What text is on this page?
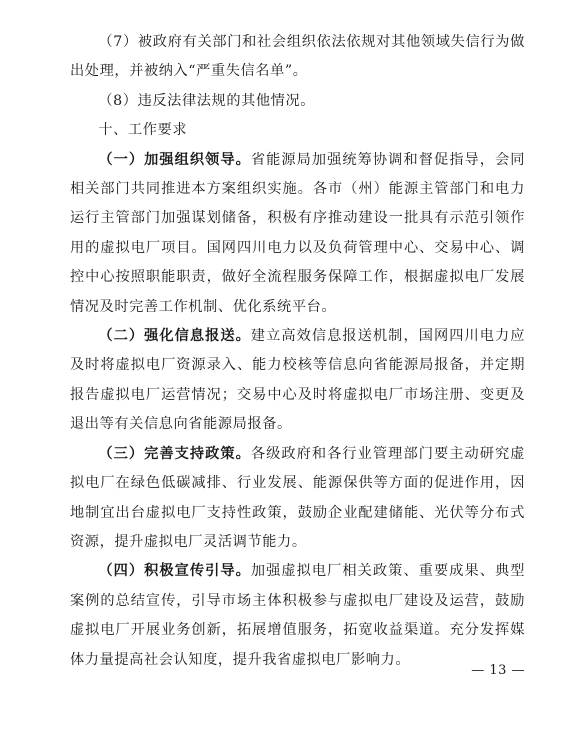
（7）被政府有关部门和社会组织依法依规对其他领域失信行为做出处理，并被纳入“严重失信名单”。

（8）违反法律法规的其他情况。

十、工作要求

（一）加强组织领导。省能源局加强统筹协调和督促指导，会同相关部门共同推进本方案组织实施。各市（州）能源主管部门和电力运行主管部门加强谋划储备，积极有序推动建设一批具有示范引领作用的虚拟电厂项目。国网四川电力以及负荷管理中心、交易中心、调控中心按照职能职责，做好全流程服务保障工作，根据虚拟电厂发展情况及时完善工作机制、优化系统平台。

（二）强化信息报送。建立高效信息报送机制，国网四川电力应及时将虚拟电厂资源录入、能力校核等信息向省能源局报备，并定期报告虚拟电厂运营情况；交易中心及时将虚拟电厂市场注册、变更及退出等有关信息向省能源局报备。

（三）完善支持政策。各级政府和各行业管理部门要主动研究虚拟电厂在绿色低碳减排、行业发展、能源保供等方面的促进作用，因地制宜出台虚拟电厂支持性政策，鼓励企业配建储能、光伏等分布式资源，提升虚拟电厂灵活调节能力。

（四）积极宣传引导。加强虚拟电厂相关政策、重要成果、典型案例的总结宣传，引导市场主体积极参与虚拟电厂建设及运营，鼓励虚拟电厂开展业务创新，拓展增值服务，拓宽收益渠道。充分发挥媒体力量提高社会认知度，提升我省虚拟电厂影响力。

— 13 —
